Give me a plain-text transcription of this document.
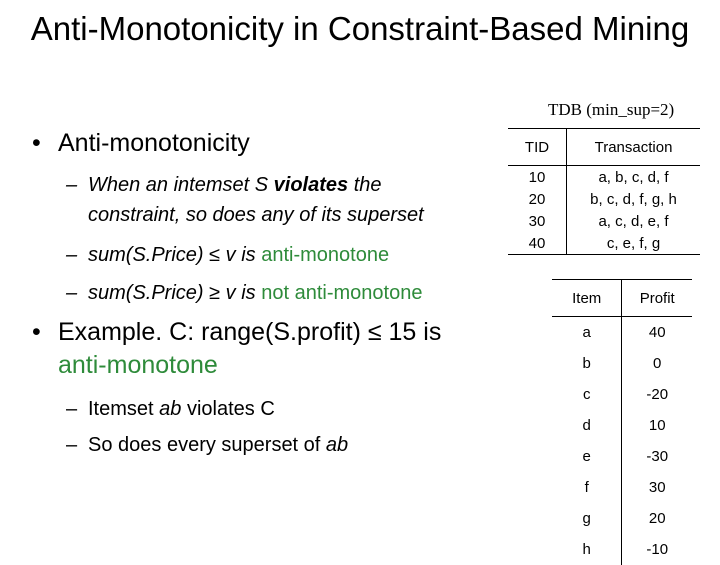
Anti-Monotonicity in Constraint-Based Mining
• Anti-monotonicity
– When an intemset S violates the
constraint, so does any of its superset
– sum(S.Price) ≤ v is anti-monotone
– sum(S.Price) ≥ v is not anti-monotone
• Example. C: range(S.profit) ≤ 15 is
anti-monotone
– Itemset ab violates C
– So does every superset of ab
TDB (min_sup=2)
TID	Transaction
10	a, b, c, d, f
20	b, c, d, f, g, h
30	a, c, d, e, f
40	c, e, f, g
Item	Profit
a	40
b	0
c	-20
d	10
e	-30
f	30
g	20
h	-10
